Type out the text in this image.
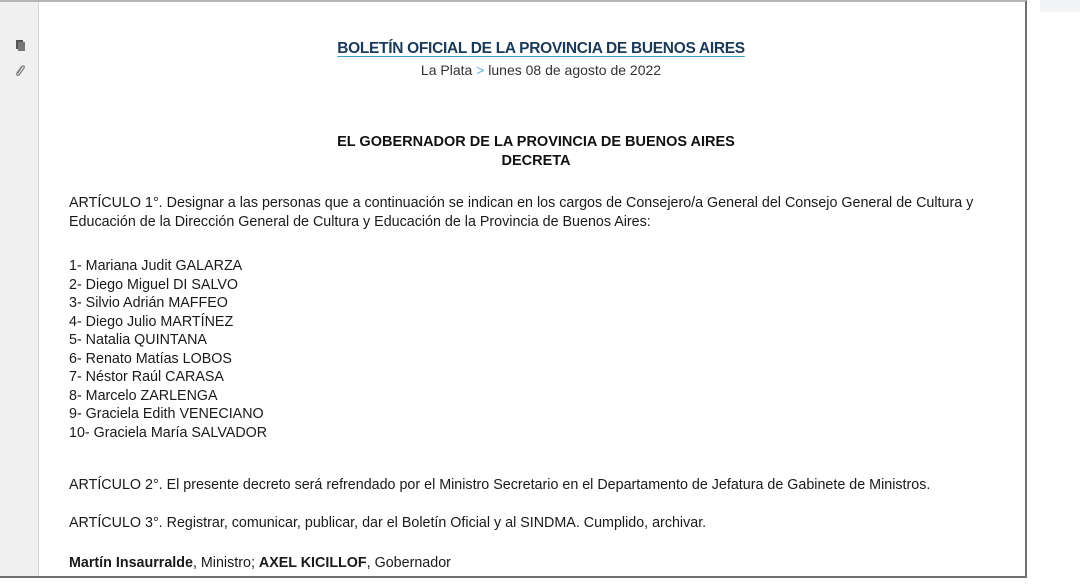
BOLETÍN OFICIAL DE LA PROVINCIA DE BUENOS AIRES
La Plata > lunes 08 de agosto de 2022
EL GOBERNADOR DE LA PROVINCIA DE BUENOS AIRES
DECRETA
ARTÍCULO 1°. Designar a las personas que a continuación se indican en los cargos de Consejero/a General del Consejo General de Cultura y Educación de la Dirección General de Cultura y Educación de la Provincia de Buenos Aires:
1- Mariana Judit GALARZA
2- Diego Miguel DI SALVO
3- Silvio Adrián MAFFEO
4- Diego Julio MARTÍNEZ
5- Natalia QUINTANA
6- Renato Matías LOBOS
7- Néstor Raúl CARASA
8- Marcelo ZARLENGA
9- Graciela Edith VENECIANO
10- Graciela María SALVADOR
ARTÍCULO 2°. El presente decreto será refrendado por el Ministro Secretario en el Departamento de Jefatura de Gabinete de Ministros.
ARTÍCULO 3°. Registrar, comunicar, publicar, dar el Boletín Oficial y al SINDMA. Cumplido, archivar.
Martín Insaurralde, Ministro; AXEL KICILLOF, Gobernador
